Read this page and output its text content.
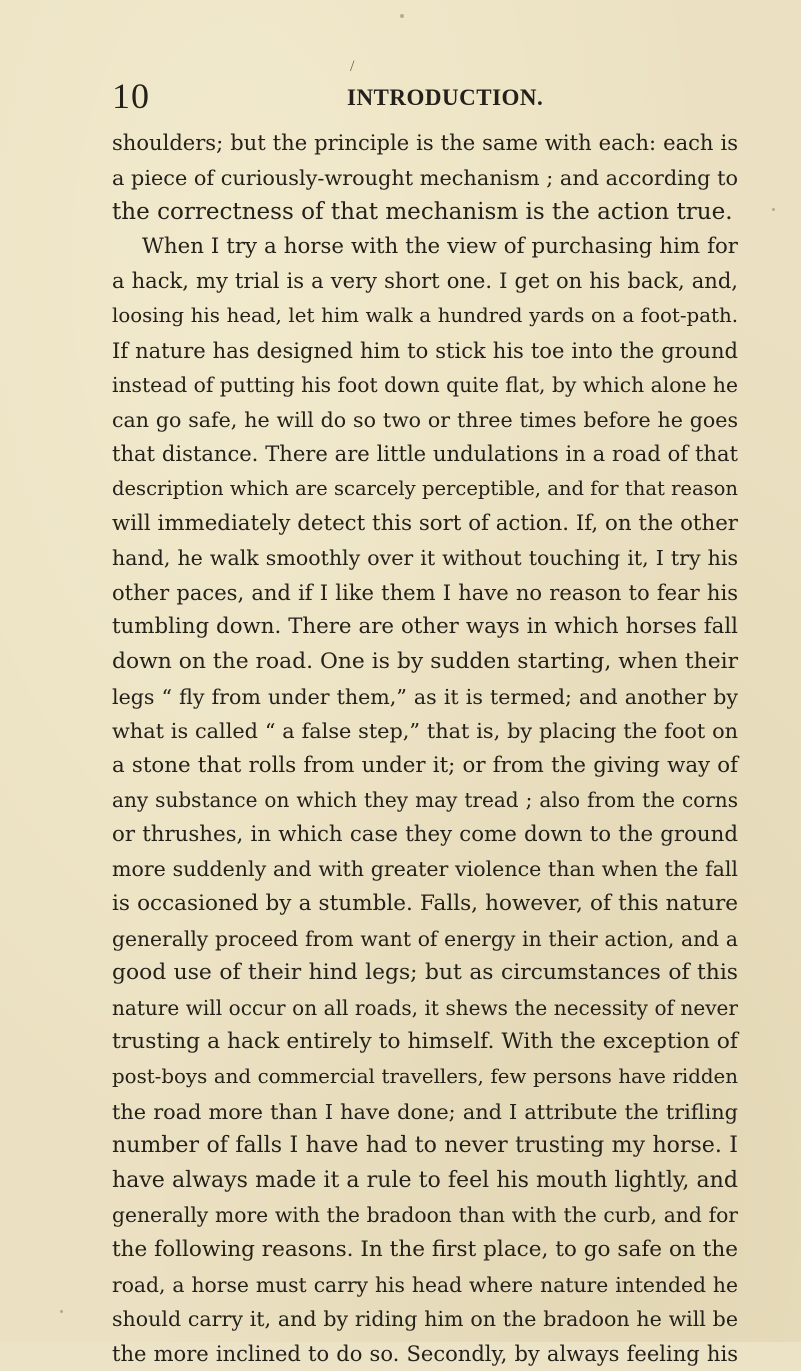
/
10	INTRODUCTION.
shoulders; but the principle is the same with each: each is
a piece of curiously-wrought mechanism ; and according to
the correctness of that mechanism is the action true.
When I try a horse with the view of purchasing him for
a hack, my trial is a very short one. I get on his back, and,
loosing his head, let him walk a hundred yards on a foot-path.
If nature has designed him to stick his toe into the ground
instead of putting his foot down quite flat, by which alone he
can go safe, he will do so two or three times before he goes
that distance. There are little undulations in a road of that
description which are scarcely perceptible, and for that reason
will immediately detect this sort of action. If, on the other
hand, he walk smoothly over it without touching it, I try his
other paces, and if I like them I have no reason to fear his
tumbling down. There are other ways in which horses fall
down on the road. One is by sudden starting, when their
legs “ fly from under them,” as it is termed; and another by
what is called “ a false step,” that is, by placing the foot on
a stone that rolls from under it; or from the giving way of
any substance on which they may tread ; also from the corns
or thrushes, in which case they come down to the ground
more suddenly and with greater violence than when the fall
is occasioned by a stumble. Falls, however, of this nature
generally proceed from want of energy in their action, and a
good use of their hind legs; but as circumstances of this
nature will occur on all roads, it shews the necessity of never
trusting a hack entirely to himself. With the exception of
post-boys and commercial travellers, few persons have ridden
the road more than I have done; and I attribute the trifling
number of falls I have had to never trusting my horse. I
have always made it a rule to feel his mouth lightly, and
generally more with the bradoon than with the curb, and for
the following reasons. In the first place, to go safe on the
road, a horse must carry his head where nature intended he
should carry it, and by riding him on the bradoon he will be
the more inclined to do so. Secondly, by always feeling his
